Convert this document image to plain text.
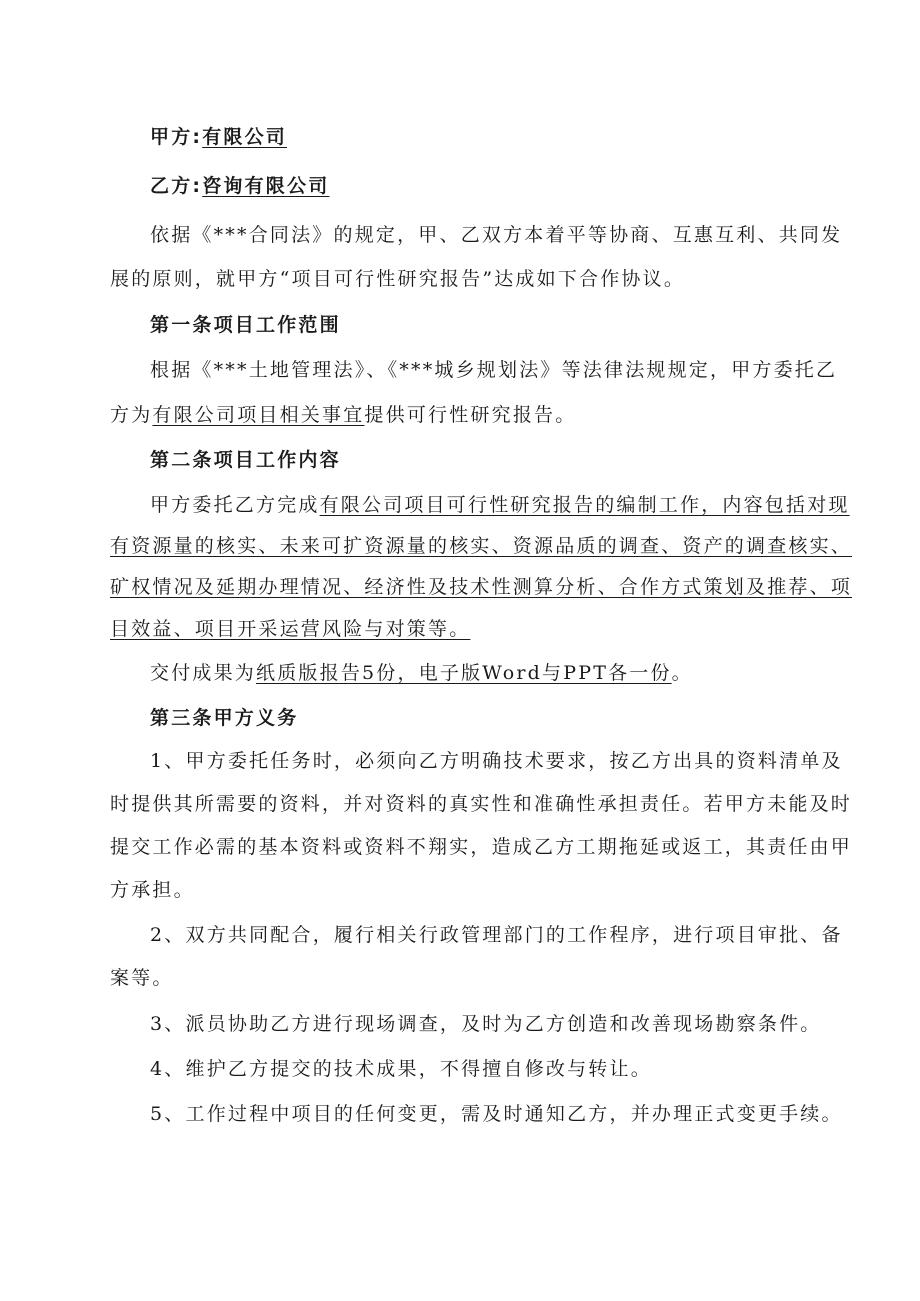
甲方:有限公司
乙方:咨询有限公司
依据《***合同法》的规定，甲、乙双方本着平等协商、互惠互利、共同发
展的原则，就甲方“项目可行性研究报告”达成如下合作协议。
第一条项目工作范围
根据《***土地管理法》、《***城乡规划法》等法律法规规定，甲方委托乙
方为有限公司项目相关事宜提供可行性研究报告。
第二条项目工作内容
甲方委托乙方完成有限公司项目可行性研究报告的编制工作，内容包括对现
有资源量的核实、未来可扩资源量的核实、资源品质的调查、资产的调查核实、
矿权情况及延期办理情况、经济性及技术性测算分析、合作方式策划及推荐、项
目效益、项目开采运营风险与对策等。
交付成果为纸质版报告5份，电子版Word与PPT各一份。
第三条甲方义务
1、甲方委托任务时，必须向乙方明确技术要求，按乙方出具的资料清单及
时提供其所需要的资料，并对资料的真实性和准确性承担责任。若甲方未能及时
提交工作必需的基本资料或资料不翔实，造成乙方工期拖延或返工，其责任由甲
方承担。
2、双方共同配合，履行相关行政管理部门的工作程序，进行项目审批、备
案等。
3、派员协助乙方进行现场调查，及时为乙方创造和改善现场勘察条件。
4、维护乙方提交的技术成果，不得擅自修改与转让。
5、工作过程中项目的任何变更，需及时通知乙方，并办理正式变更手续。
